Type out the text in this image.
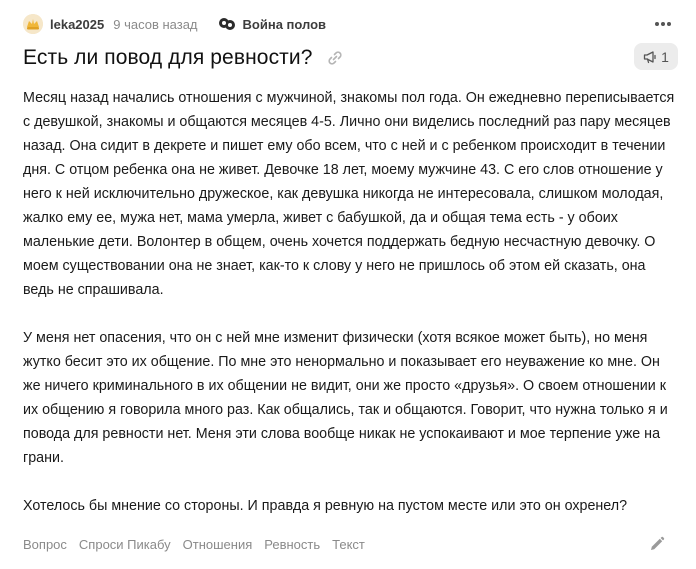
leka2025 9 часов назад	Война полов
Есть ли повод для ревности?	1

Месяц назад начались отношения с мужчиной, знакомы пол года. Он ежедневно переписывается с девушкой, знакомы и общаются месяцев 4-5. Лично они виделись последний раз пару месяцев назад. Она сидит в декрете и пишет ему обо всем, что с ней и с ребенком происходит в течении дня. С отцом ребенка она не живет. Девочке 18 лет, моему мужчине 43. С его слов отношение у него к ней исключительно дружеское, как девушка никогда не интересовала, слишком молодая, жалко ему ее, мужа нет, мама умерла, живет с бабушкой, да и общая тема есть - у обоих маленькие дети. Волонтер в общем, очень хочется поддержать бедную несчастную девочку. О моем существовании она не знает, как-то к слову у него не пришлось об этом ей сказать, она ведь не спрашивала.

У меня нет опасения, что он с ней мне изменит физически (хотя всякое может быть), но меня жутко бесит это их общение. По мне это ненормально и показывает его неуважение ко мне. Он же ничего криминального в их общении не видит, они же просто «друзья». О своем отношении к их общению я говорила много раз. Как общались, так и общаются. Говорит, что нужна только я и повода для ревности нет. Меня эти слова вообще никак не успокаивают и мое терпение уже на грани.

Хотелось бы мнение со стороны. И правда я ревную на пустом месте или это он охренел?

Вопрос Спроси Пикабу Отношения Ревность Текст
